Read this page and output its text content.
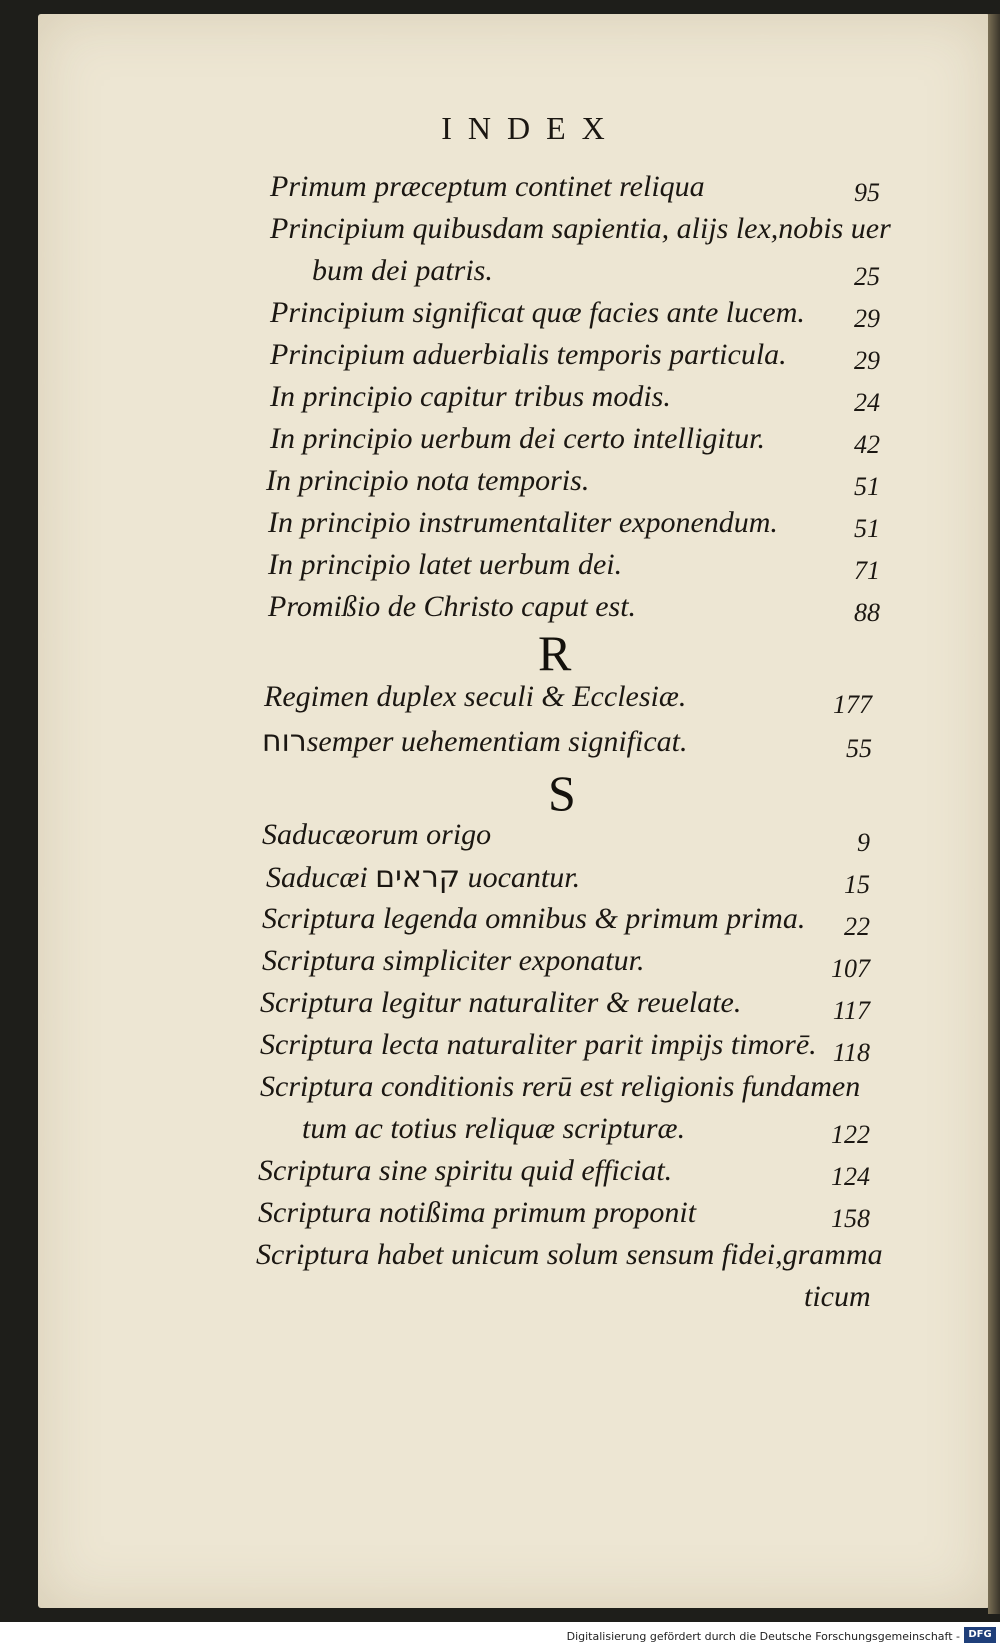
INDEX
Primum præceptum continet reliqua	95
Principium quibusdam sapientia, alijs lex,nobis uer
bum dei patris.	25
Principium significat quæ facies ante lucem.	29
Principium aduerbialis temporis particula.	29
In principio capitur tribus modis.	24
In principio uerbum dei certo intelligitur.	42
In principio nota temporis.	51
In principio instrumentaliter exponendum.	51
In principio latet uerbum dei.	71
Promißio de Christo caput est.	88
R
Regimen duplex seculi & Ecclesiæ.	177
רוחsemper uehementiam significat.	55
S
Saducæorum origo	9
Saducæi קראים uocantur.	15
Scriptura legenda omnibus & primum prima.	22
Scriptura simpliciter exponatur.	107
Scriptura legitur naturaliter & reuelate.	117
Scriptura lecta naturaliter parit impijs timorē. 118
Scriptura conditionis rerū est religionis fundamen
tum ac totius reliquæ scripturæ.	122
Scriptura sine spiritu quid efficiat.	124
Scriptura notißima primum proponit	158
Scriptura habet unicum solum sensum fidei,gramma
ticum
Digitalisierung gefördert durch die Deutsche Forschungsgemeinschaft - DFG
